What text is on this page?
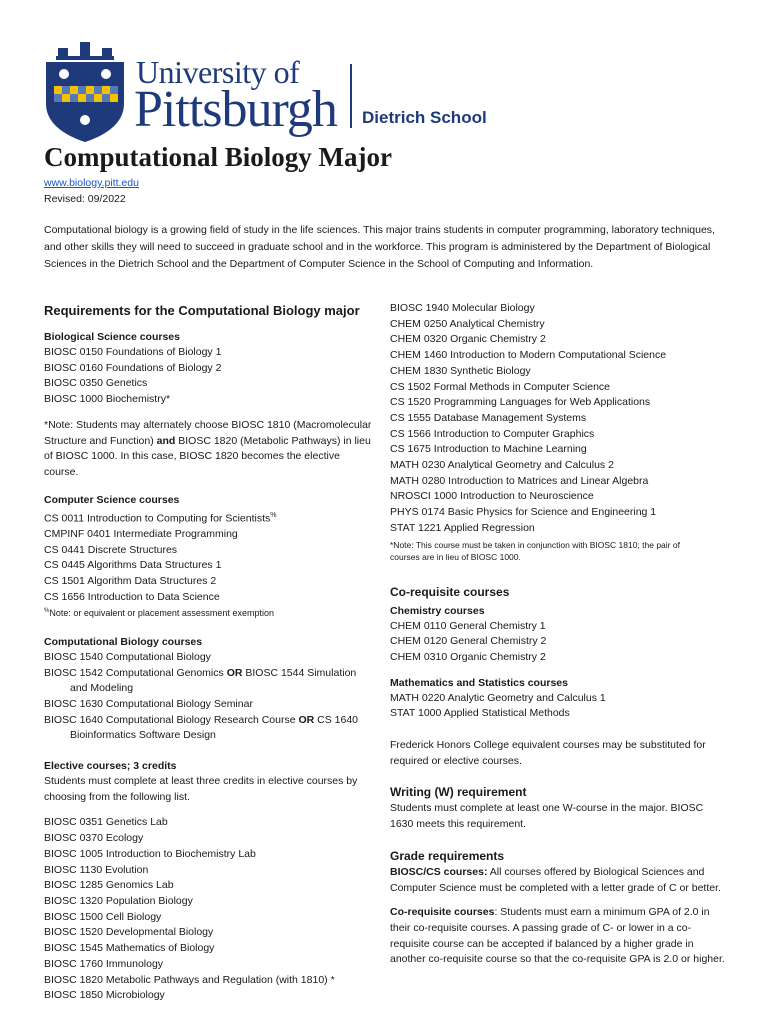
University of
Pittsburgh Dietrich School
Computational Biology Major
www.biology.pitt.edu
Revised: 09/2022

Computational biology is a growing field of study in the life sciences. This major trains students in computer programming, laboratory techniques, and other skills they will need to succeed in graduate school and in the workforce. This program is administered by the Department of Biological Sciences in the Dietrich School and the Department of Computer Science in the School of Computing and Information.

Requirements for the Computational Biology major
Biological Science courses
BIOSC 0150 Foundations of Biology 1
BIOSC 0160 Foundations of Biology 2
BIOSC 0350 Genetics
BIOSC 1000 Biochemistry*
*Note: Students may alternately choose BIOSC 1810 (Macromolecular Structure and Function) and BIOSC 1820 (Metabolic Pathways) in lieu of BIOSC 1000. In this case, BIOSC 1820 becomes the elective course.
Computer Science courses
CS 0011 Introduction to Computing for Scientists%
CMPINF 0401 Intermediate Programming
CS 0441 Discrete Structures
CS 0445 Algorithms Data Structures 1
CS 1501 Algorithm Data Structures 2
CS 1656 Introduction to Data Science
%Note: or equivalent or placement assessment exemption
Computational Biology courses
BIOSC 1540 Computational Biology
BIOSC 1542 Computational Genomics OR BIOSC 1544 Simulation
and Modeling
BIOSC 1630 Computational Biology Seminar
BIOSC 1640 Computational Biology Research Course OR CS 1640
Bioinformatics Software Design
Elective courses; 3 credits
Students must complete at least three credits in elective courses by choosing from the following list.
BIOSC 0351 Genetics Lab
BIOSC 0370 Ecology
BIOSC 1005 Introduction to Biochemistry Lab
BIOSC 1130 Evolution
BIOSC 1285 Genomics Lab
BIOSC 1320 Population Biology
BIOSC 1500 Cell Biology
BIOSC 1520 Developmental Biology
BIOSC 1545 Mathematics of Biology
BIOSC 1760 Immunology
BIOSC 1820 Metabolic Pathways and Regulation (with 1810) *
BIOSC 1850 Microbiology
BIOSC 1940 Molecular Biology
CHEM 0250 Analytical Chemistry
CHEM 0320 Organic Chemistry 2
CHEM 1460 Introduction to Modern Computational Science
CHEM 1830 Synthetic Biology
CS 1502 Formal Methods in Computer Science
CS 1520 Programming Languages for Web Applications
CS 1555 Database Management Systems
CS 1566 Introduction to Computer Graphics
CS 1675 Introduction to Machine Learning
MATH 0230 Analytical Geometry and Calculus 2
MATH 0280 Introduction to Matrices and Linear Algebra
NROSCI 1000 Introduction to Neuroscience
PHYS 0174 Basic Physics for Science and Engineering 1
STAT 1221 Applied Regression
*Note: This course must be taken in conjunction with BIOSC 1810; the pair of courses are in lieu of BIOSC 1000.
Co-requisite courses
Chemistry courses
CHEM 0110 General Chemistry 1
CHEM 0120 General Chemistry 2
CHEM 0310 Organic Chemistry 2
Mathematics and Statistics courses
MATH 0220 Analytic Geometry and Calculus 1
STAT 1000 Applied Statistical Methods
Frederick Honors College equivalent courses may be substituted for required or elective courses.
Writing (W) requirement
Students must complete at least one W-course in the major. BIOSC 1630 meets this requirement.
Grade requirements
BIOSC/CS courses: All courses offered by Biological Sciences and Computer Science must be completed with a letter grade of C or better.
Co-requisite courses: Students must earn a minimum GPA of 2.0 in their co-requisite courses. A passing grade of C- or lower in a co-requisite course can be accepted if balanced by a higher grade in another co-requisite course so that the co-requisite GPA is 2.0 or higher.
